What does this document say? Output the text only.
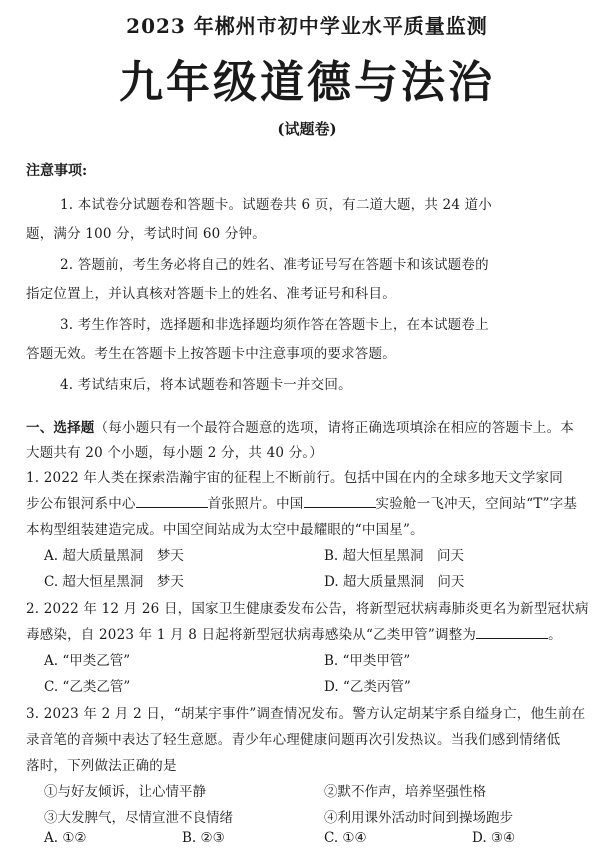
2023 年郴州市初中学业水平质量监测
九年级道德与法治
(试题卷)
注意事项:
1. 本试卷分试题卷和答题卡。试题卷共 6 页，有二道大题，共 24 道小
题，满分 100 分，考试时间 60 分钟。
2. 答题前，考生务必将自己的姓名、准考证号写在答题卡和该试题卷的
指定位置上，并认真核对答题卡上的姓名、准考证号和科目。
3. 考生作答时，选择题和非选择题均须作答在答题卡上，在本试题卷上
答题无效。考生在答题卡上按答题卡中注意事项的要求答题。
4. 考试结束后，将本试题卷和答题卡一并交回。
一、选择题（每小题只有一个最符合题意的选项，请将正确选项填涂在相应的答题卡上。本
大题共有 20 个小题，每小题 2 分，共 40 分。）
1. 2022 年人类在探索浩瀚宇宙的征程上不断前行。包括中国在内的全球多地天文学家同
步公布银河系中心	首张照片。中国	实验舱一飞冲天，空间站“T”字基
本构型组装建造完成。中国空间站成为太空中最耀眼的“中国星”。
A. 超大质量黑洞　梦天	B. 超大恒星黑洞　问天
C. 超大恒星黑洞　梦天	D. 超大质量黑洞　问天
2. 2022 年 12 月 26 日，国家卫生健康委发布公告，将新型冠状病毒肺炎更名为新型冠状病
毒感染，自 2023 年 1 月 8 日起将新型冠状病毒感染从“乙类甲管”调整为	。
A. “甲类乙管”	B. “甲类甲管”
C. “乙类乙管”	D. “乙类丙管”
3. 2023 年 2 月 2 日，“胡某宇事件”调查情况发布。警方认定胡某宇系自缢身亡，他生前在
录音笔的音频中表达了轻生意愿。青少年心理健康问题再次引发热议。当我们感到情绪低
落时，下列做法正确的是
①与好友倾诉，让心情平静	②默不作声，培养坚强性格
③大发脾气，尽情宣泄不良情绪	④利用课外活动时间到操场跑步
A. ①②	B. ②③	C. ①④	D. ③④
